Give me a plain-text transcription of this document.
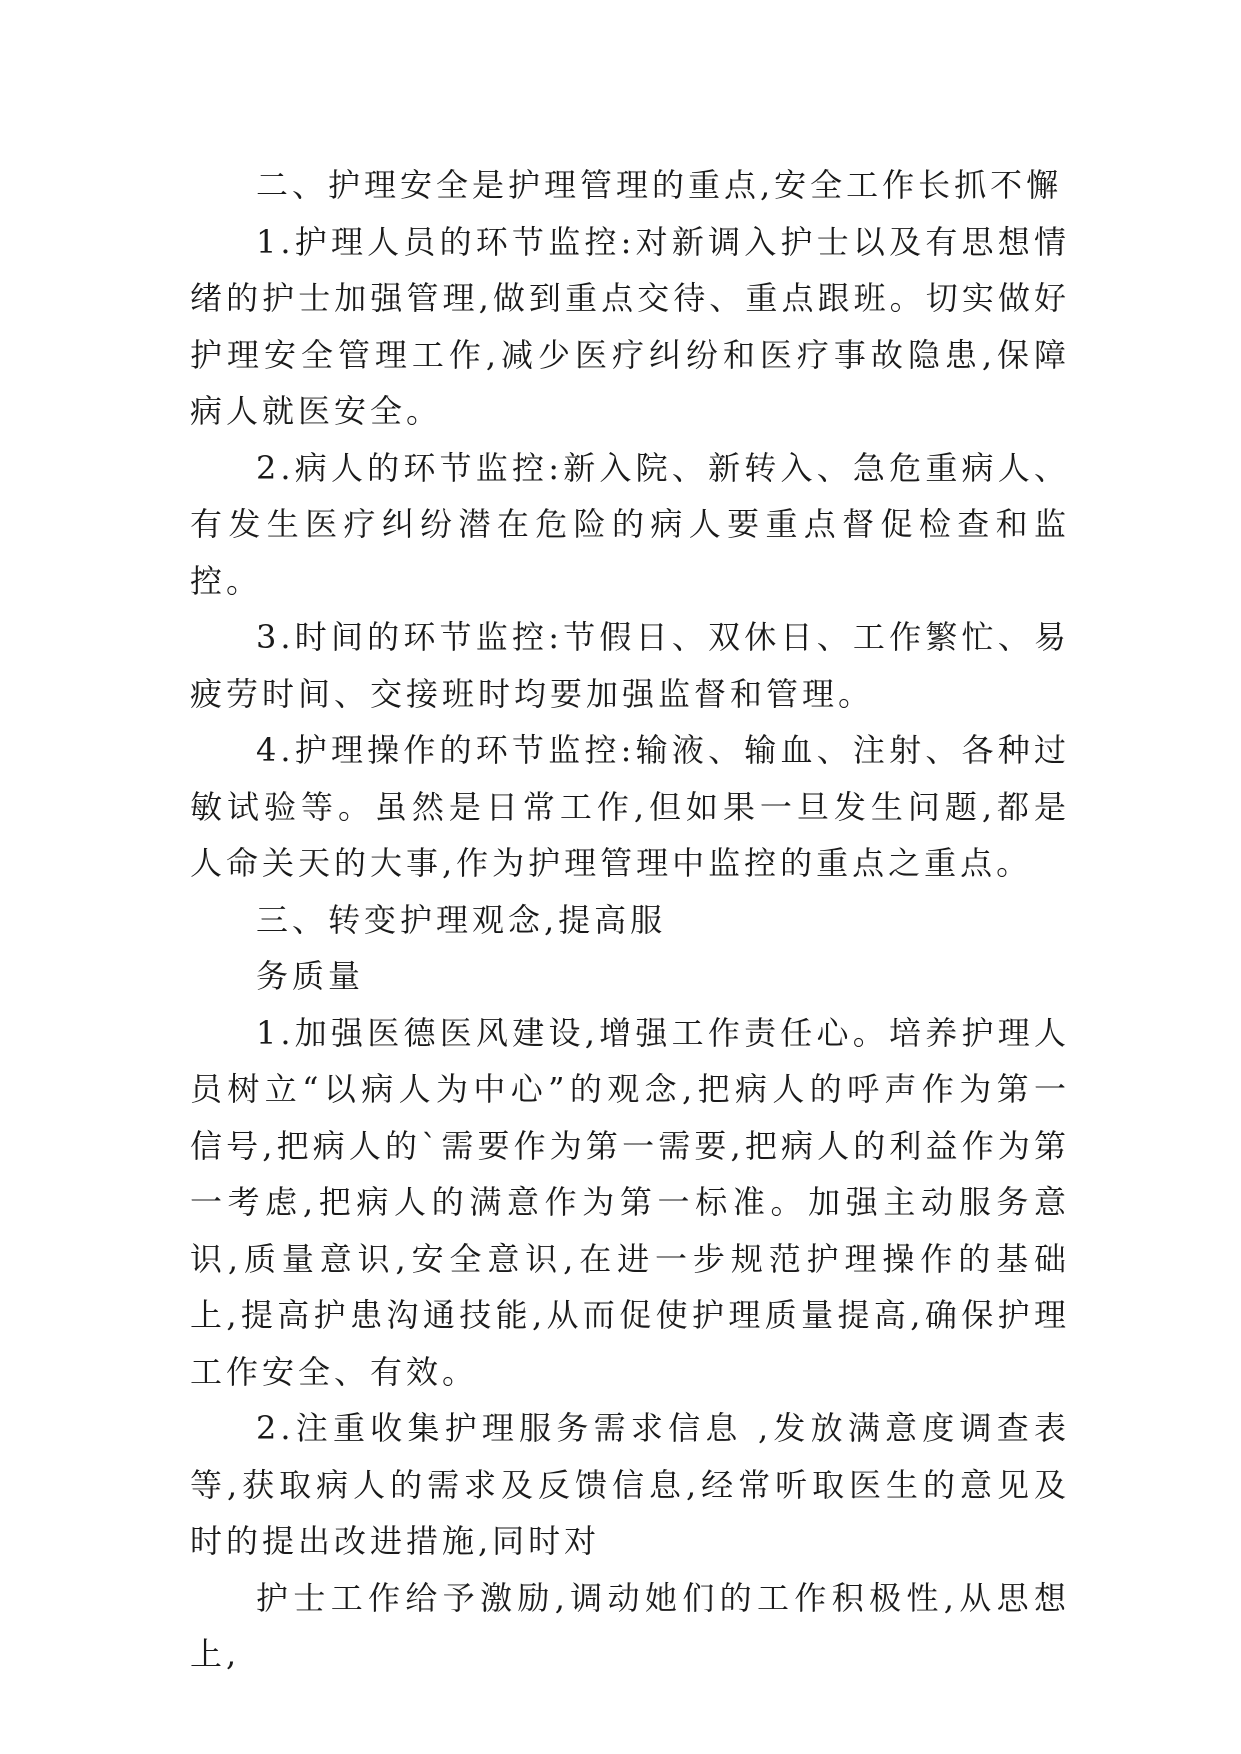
二、护理安全是护理管理的重点,安全工作长抓不懈

1.护理人员的环节监控:对新调入护士以及有思想情绪的护士加强管理,做到重点交待、重点跟班。切实做好护理安全管理工作,减少医疗纠纷和医疗事故隐患,保障病人就医安全。

2.病人的环节监控:新入院、新转入、急危重病人、有发生医疗纠纷潜在危险的病人要重点督促检查和监控。

3.时间的环节监控:节假日、双休日、工作繁忙、易疲劳时间、交接班时均要加强监督和管理。

4.护理操作的环节监控:输液、输血、注射、各种过敏试验等。虽然是日常工作,但如果一旦发生问题,都是人命关天的大事,作为护理管理中监控的重点之重点。

三、转变护理观念,提高服

务质量

1.加强医德医风建设,增强工作责任心。培养护理人员树立“以病人为中心”的观念,把病人的呼声作为第一信号,把病人的`需要作为第一需要,把病人的利益作为第一考虑,把病人的满意作为第一标准。加强主动服务意识,质量意识,安全意识,在进一步规范护理操作的基础上,提高护患沟通技能,从而促使护理质量提高,确保护理工作安全、有效。

2.注重收集护理服务需求信息 ,发放满意度调查表等,获取病人的需求及反馈信息,经常听取医生的意见及时的提出改进措施,同时对

护士工作给予激励,调动她们的工作积极性,从思想上,
